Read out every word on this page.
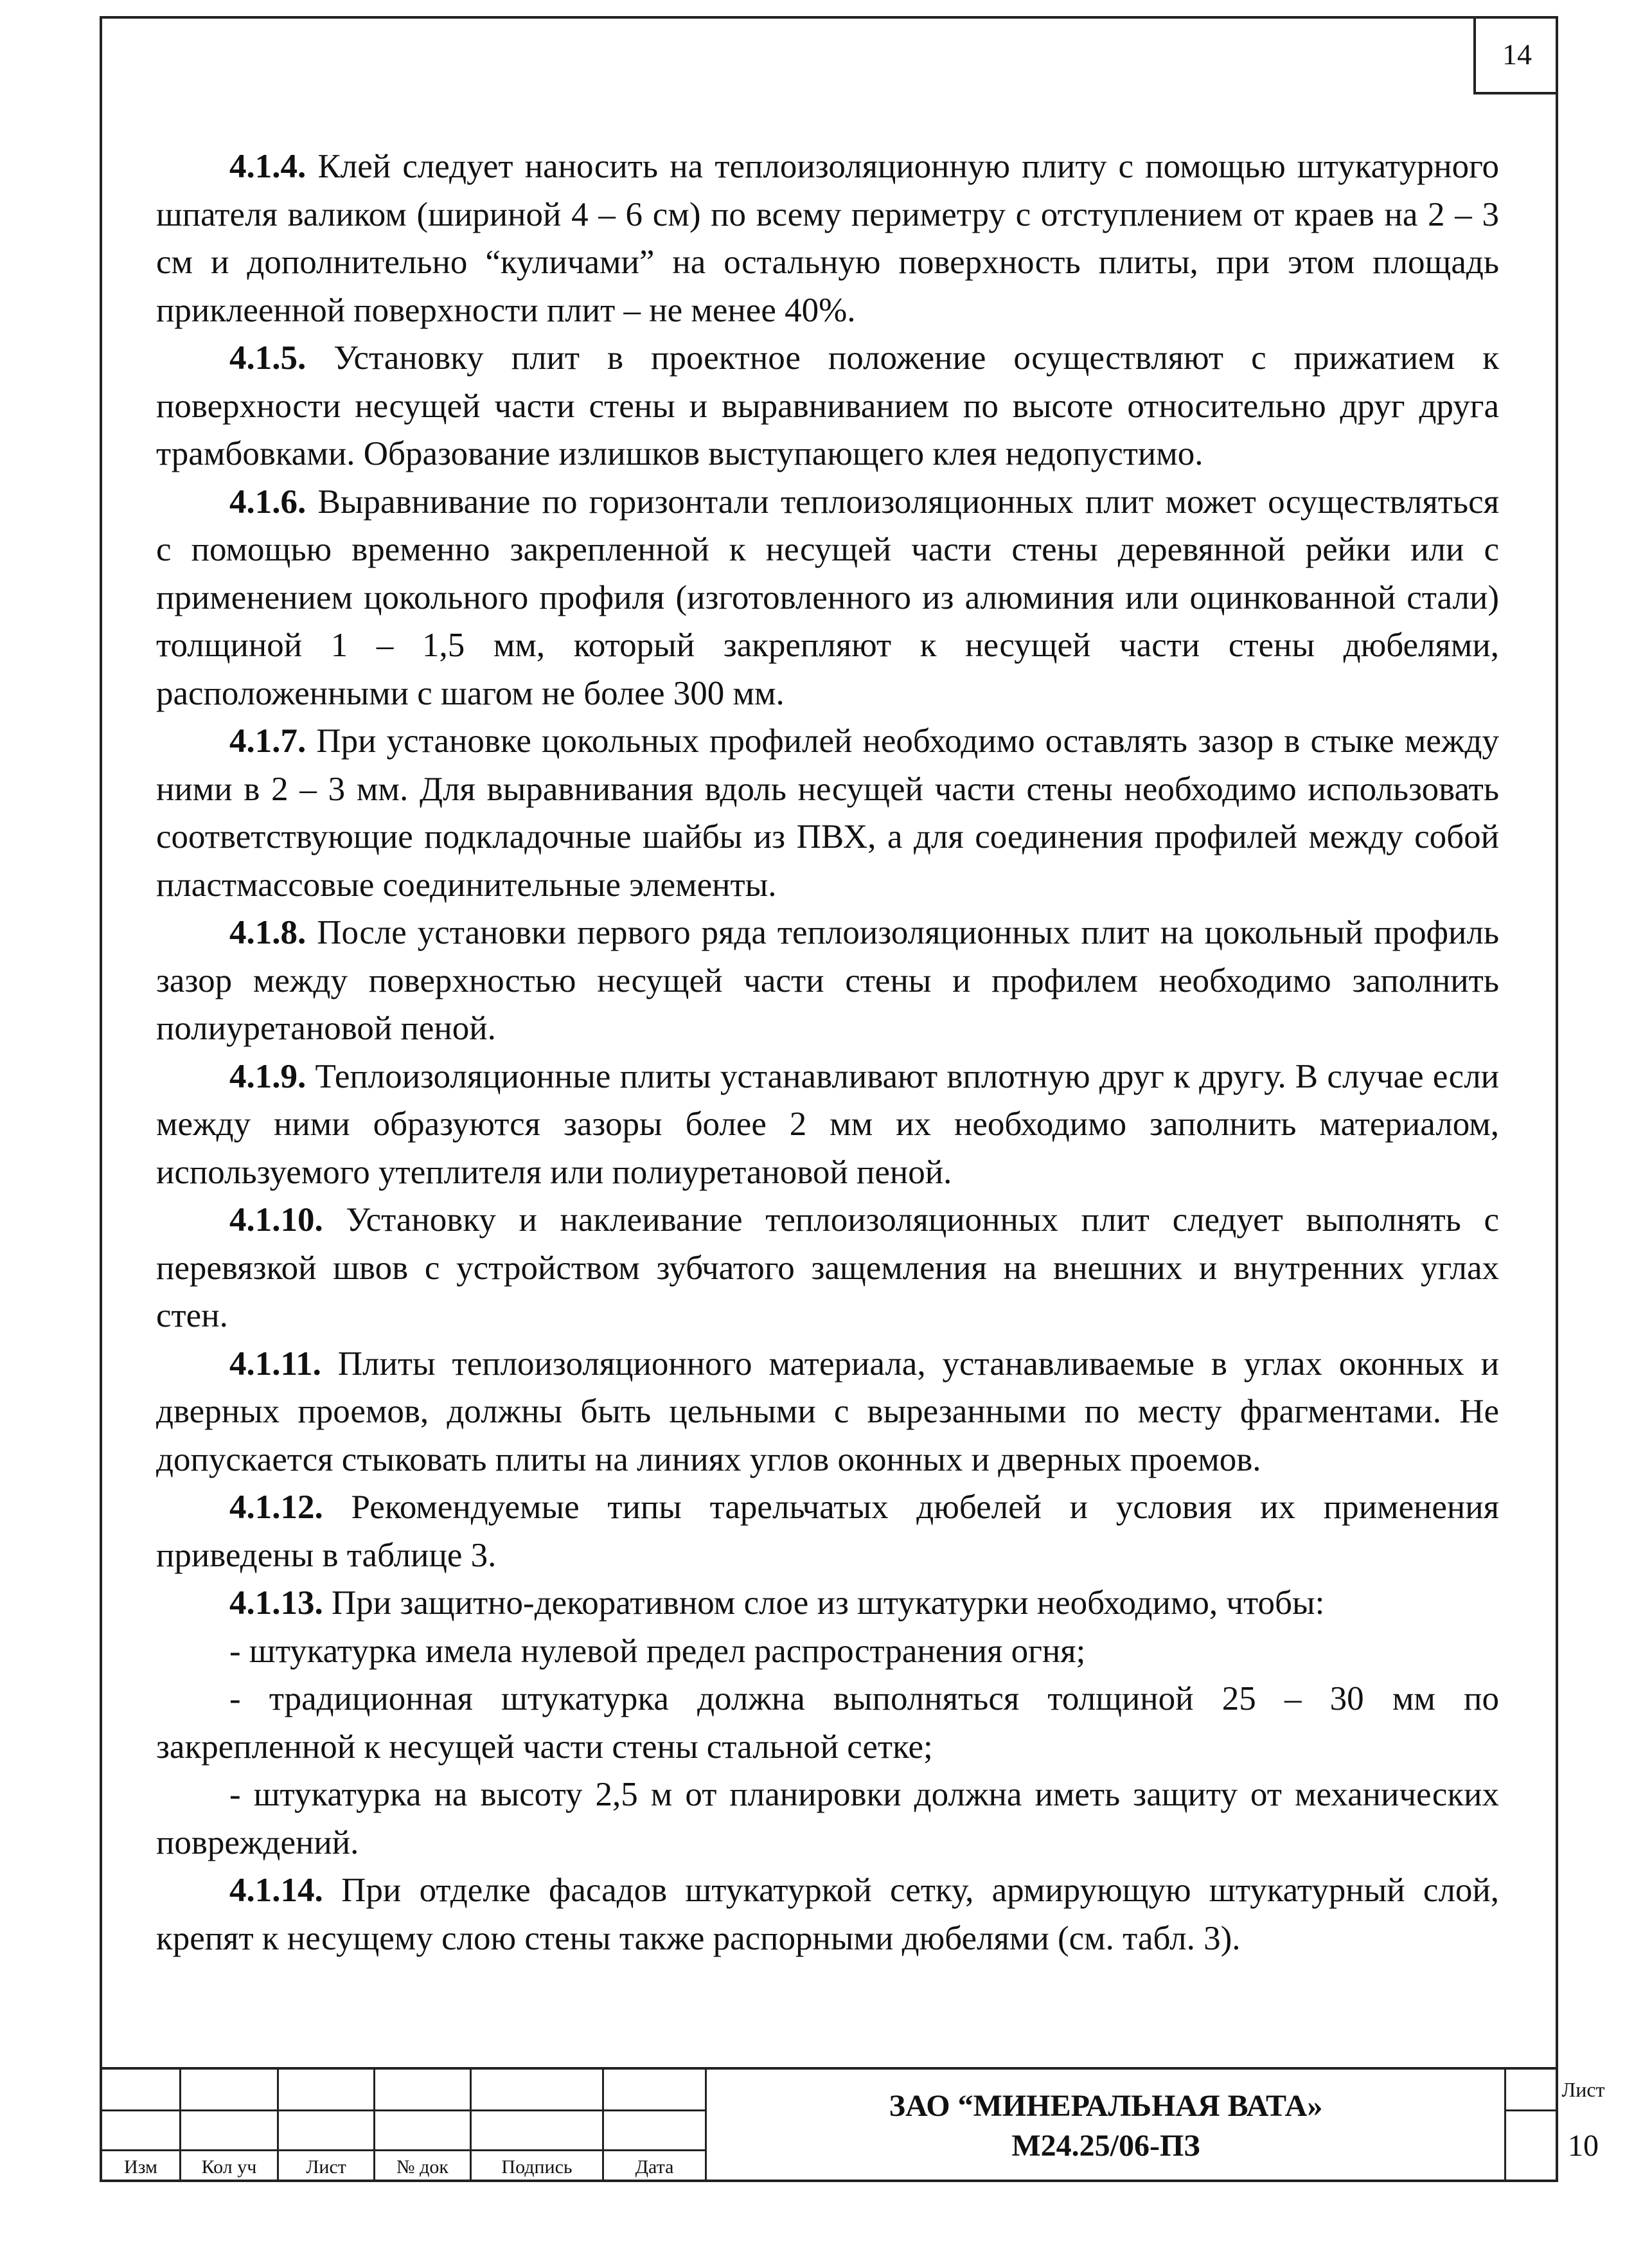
14

4.1.4. Клей следует наносить на теплоизоляционную плиту с помощью штукатурного шпателя валиком (шириной 4 – 6 см) по всему периметру с отступлением от краев на 2 – 3 см и дополнительно “куличами” на остальную поверхность плиты, при этом площадь приклеенной поверхности плит – не менее 40%.

4.1.5. Установку плит в проектное положение осуществляют с прижатием к поверхности несущей части стены и выравниванием по высоте относительно друг друга трамбовками. Образование излишков выступающего клея недопустимо.

4.1.6. Выравнивание по горизонтали теплоизоляционных плит может осуществляться с помощью временно закрепленной к несущей части стены деревянной рейки или с применением цокольного профиля (изготовленного из алюминия или оцинкованной стали) толщиной 1 – 1,5 мм, который закрепляют к несущей части стены дюбелями, расположенными с шагом не более 300 мм.

4.1.7. При установке цокольных профилей необходимо оставлять зазор в стыке между ними в 2 – 3 мм. Для выравнивания вдоль несущей части стены необходимо использовать соответствующие подкладочные шайбы из ПВХ, а для соединения профилей между собой пластмассовые соединительные элементы.

4.1.8. После установки первого ряда теплоизоляционных плит на цокольный профиль зазор между поверхностью несущей части стены и профилем необходимо заполнить полиуретановой пеной.

4.1.9. Теплоизоляционные плиты устанавливают вплотную друг к другу. В случае если между ними образуются зазоры более 2 мм их необходимо заполнить материалом, используемого утеплителя или полиуретановой пеной.

4.1.10. Установку и наклеивание теплоизоляционных плит следует выполнять с перевязкой швов с устройством зубчатого защемления на внешних и внутренних углах стен.

4.1.11. Плиты теплоизоляционного материала, устанавливаемые в углах оконных и дверных проемов, должны быть цельными с вырезанными по месту фрагментами. Не допускается стыковать плиты на линиях углов оконных и дверных проемов.

4.1.12. Рекомендуемые типы тарельчатых дюбелей и условия их применения приведены в таблице 3.

4.1.13. При защитно-декоративном слое из штукатурки необходимо, чтобы:

- штукатурка имела нулевой предел распространения огня;

- традиционная штукатурка должна выполняться толщиной 25 – 30 мм по закрепленной к несущей части стены стальной сетке;

- штукатурка на высоту 2,5 м от планировки должна иметь защиту от механических повреждений.

4.1.14. При отделке фасадов штукатуркой сетку, армирующую штукатурный слой, крепят к несущему слою стены также распорными дюбелями (см. табл. 3).

Изм	Кол уч	Лист	№ док	Подпись	Дата
ЗАО “МИНЕРАЛЬНАЯ ВАТА»
М24.25/06-ПЗ
Лист
10
